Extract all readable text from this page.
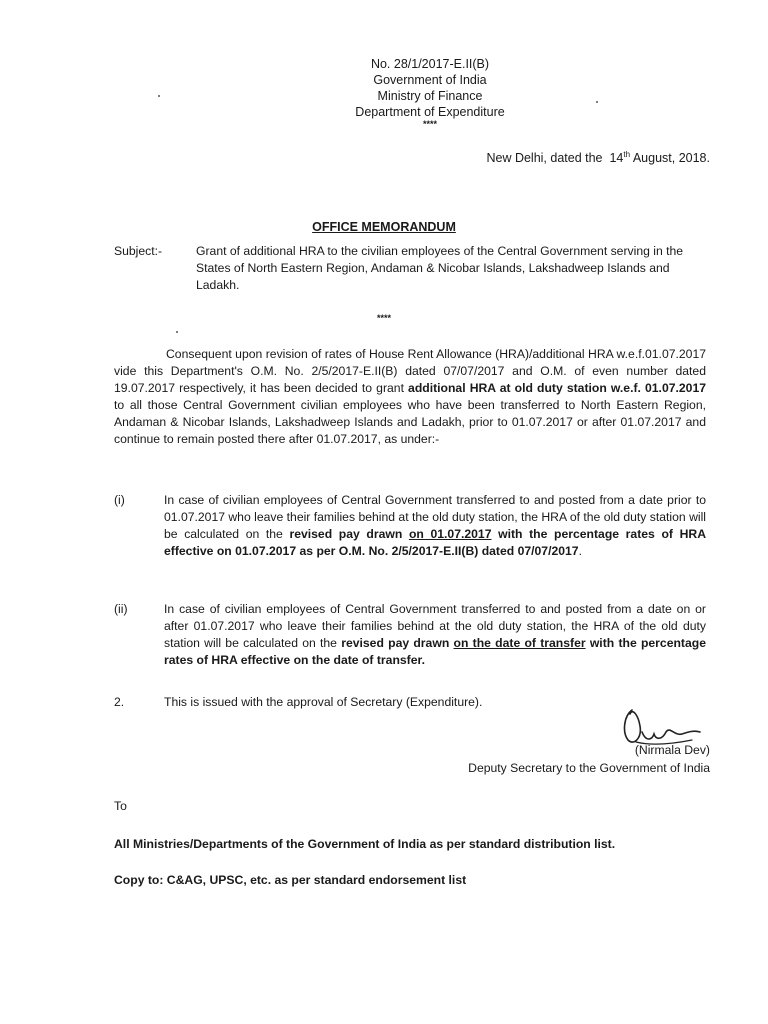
No. 28/1/2017-E.II(B)
Government of India
Ministry of Finance
Department of Expenditure
****
New Delhi, dated the 14th August, 2018.
OFFICE MEMORANDUM
Subject:-	Grant of additional HRA to the civilian employees of the Central Government serving in the States of North Eastern Region, Andaman & Nicobar Islands, Lakshadweep Islands and Ladakh.
****
Consequent upon revision of rates of House Rent Allowance (HRA)/additional HRA w.e.f.01.07.2017 vide this Department's O.M. No. 2/5/2017-E.II(B) dated 07/07/2017 and O.M. of even number dated 19.07.2017 respectively, it has been decided to grant additional HRA at old duty station w.e.f. 01.07.2017 to all those Central Government civilian employees who have been transferred to North Eastern Region, Andaman & Nicobar Islands, Lakshadweep Islands and Ladakh, prior to 01.07.2017 or after 01.07.2017 and continue to remain posted there after 01.07.2017, as under:-
(i)	In case of civilian employees of Central Government transferred to and posted from a date prior to 01.07.2017 who leave their families behind at the old duty station, the HRA of the old duty station will be calculated on the revised pay drawn on 01.07.2017 with the percentage rates of HRA effective on 01.07.2017 as per O.M. No. 2/5/2017-E.II(B) dated 07/07/2017.
(ii)	In case of civilian employees of Central Government transferred to and posted from a date on or after 01.07.2017 who leave their families behind at the old duty station, the HRA of the old duty station will be calculated on the revised pay drawn on the date of transfer with the percentage rates of HRA effective on the date of transfer.
2.	This is issued with the approval of Secretary (Expenditure).
(Nirmala Dev)
Deputy Secretary to the Government of India
To
All Ministries/Departments of the Government of India as per standard distribution list.
Copy to: C&AG, UPSC, etc. as per standard endorsement list
